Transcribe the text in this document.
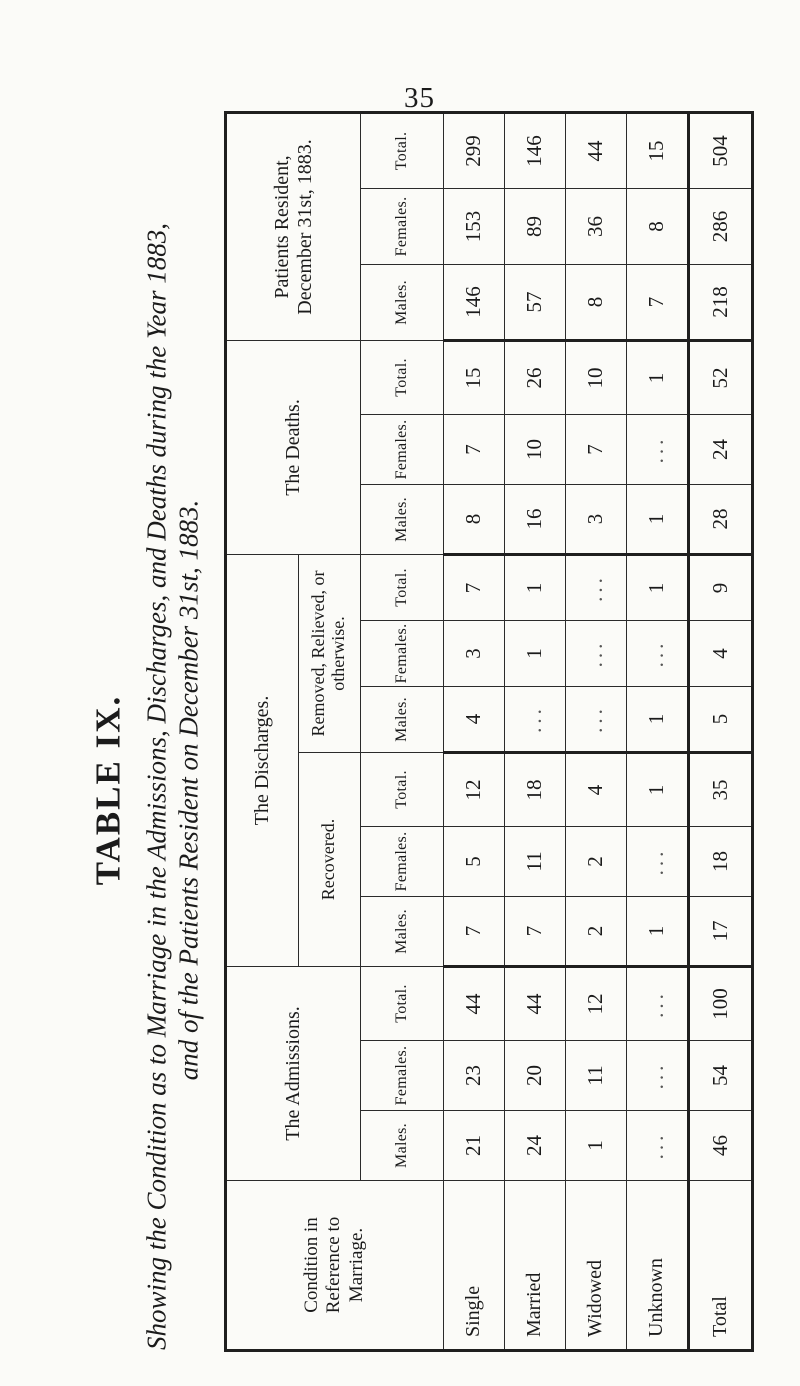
35
TABLE IX. Showing the Condition as to Marriage in the Admissions, Discharges, and Deaths during the Year 1883, and of the Patients Resident on December 31st, 1883.
Condition in Reference to Marriage.	The Admissions.			The Discharges.						The Deaths.			Patients Resident, December 31st, 1883.		
				Recovered.			Removed, Relieved, or otherwise.								
	Males.	Females.	Total.	Males.	Females.	Total.	Males.	Females.	Total.	Males.	Females.	Total.	Males.	Females.	Total.
Single	21	23	44	7	5	12	4	3	7	8	7	15	146	153	299
Married	24	20	44	7	11	18	...	1	1	16	10	26	57	89	146
Widowed	1	11	12	2	2	4	...	...	...	3	7	10	8	36	44
Unknown	...	...	...	1	...	1	1	...	1	1	...	1	7	8	15
Total	46	54	100	17	18	35	5	4	9	28	24	52	218	286	504
